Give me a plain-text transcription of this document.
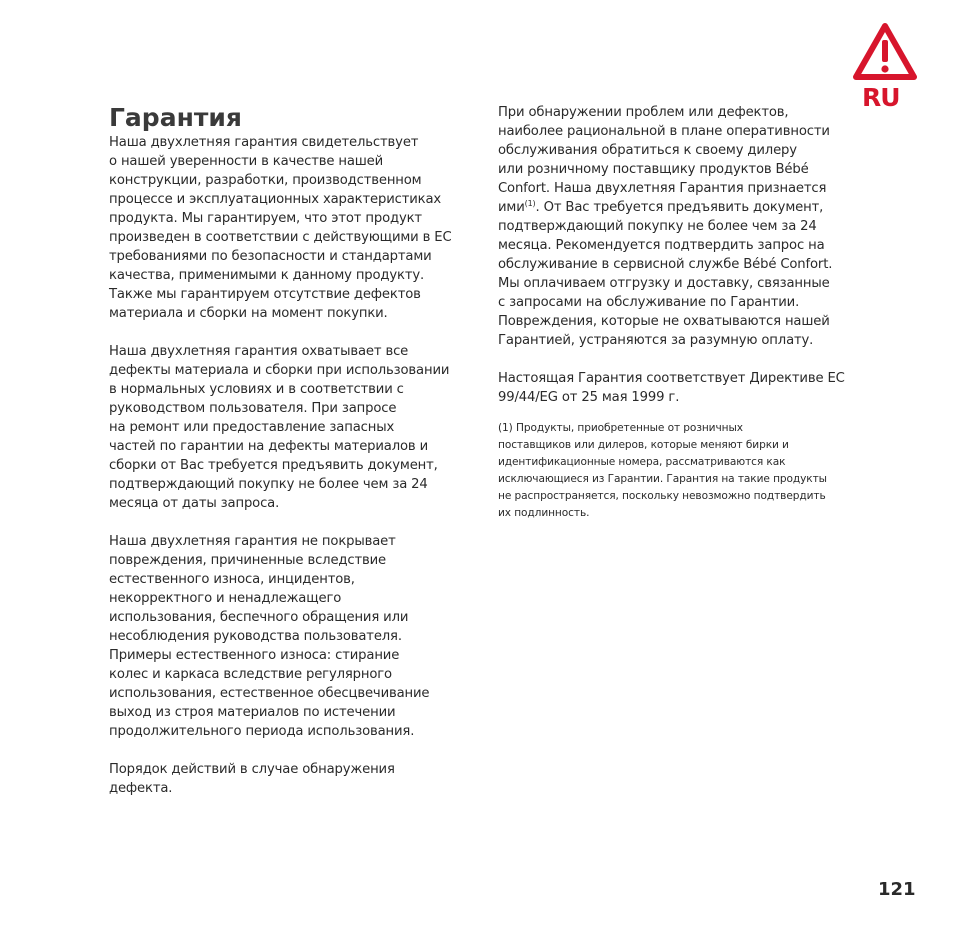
RU
Гарантия

Наша двухлетняя гарантия свидетельствует
о нашей уверенности в качестве нашей
конструкции, разработки, производственном
процессе и эксплуатационных характеристиках
продукта. Мы гарантируем, что этот продукт
произведен в соответствии с действующими в ЕС
требованиями по безопасности и стандартами
качества, применимыми к данному продукту.
Также мы гарантируем отсутствие дефектов
материала и сборки на момент покупки.

Наша двухлетняя гарантия охватывает все
дефекты материала и сборки при использовании
в нормальных условиях и в соответствии с
руководством пользователя. При запросе
на ремонт или предоставление запасных
частей по гарантии на дефекты материалов и
сборки от Вас требуется предъявить документ,
подтверждающий покупку не более чем за 24
месяца от даты запроса.

Наша двухлетняя гарантия не покрывает
повреждения, причиненные вследствие
естественного износа, инцидентов,
некорректного и ненадлежащего
использования, беспечного обращения или
несоблюдения руководства пользователя.
Примеры естественного износа: стирание
колес и каркаса вследствие регулярного
использования, естественное обесцвечивание
выход из строя материалов по истечении
продолжительного периода использования.

Порядок действий в случае обнаружения
дефекта.

При обнаружении проблем или дефектов,
наиболее рациональной в плане оперативности
обслуживания обратиться к своему дилеру
или розничному поставщику продуктов Bébé
Confort. Наша двухлетняя Гарантия признается
ими$^{(1)}$. От Вас требуется предъявить документ,
подтверждающий покупку не более чем за 24
месяца. Рекомендуется подтвердить запрос на
обслуживание в сервисной службе Bébé Confort.
Мы оплачиваем отгрузку и доставку, связанные
с запросами на обслуживание по Гарантии.
Повреждения, которые не охватываются нашей
Гарантией, устраняются за разумную оплату.

Настоящая Гарантия соответствует Директиве ЕС
99/44/EG от 25 мая 1999 г.

(1) Продукты, приобретенные от розничных
поставщиков или дилеров, которые меняют бирки и
идентификационные номера, рассматриваются как
исключающиеся из Гарантии. Гарантия на такие продукты
не распространяется, поскольку невозможно подтвердить
их подлинность.

121
